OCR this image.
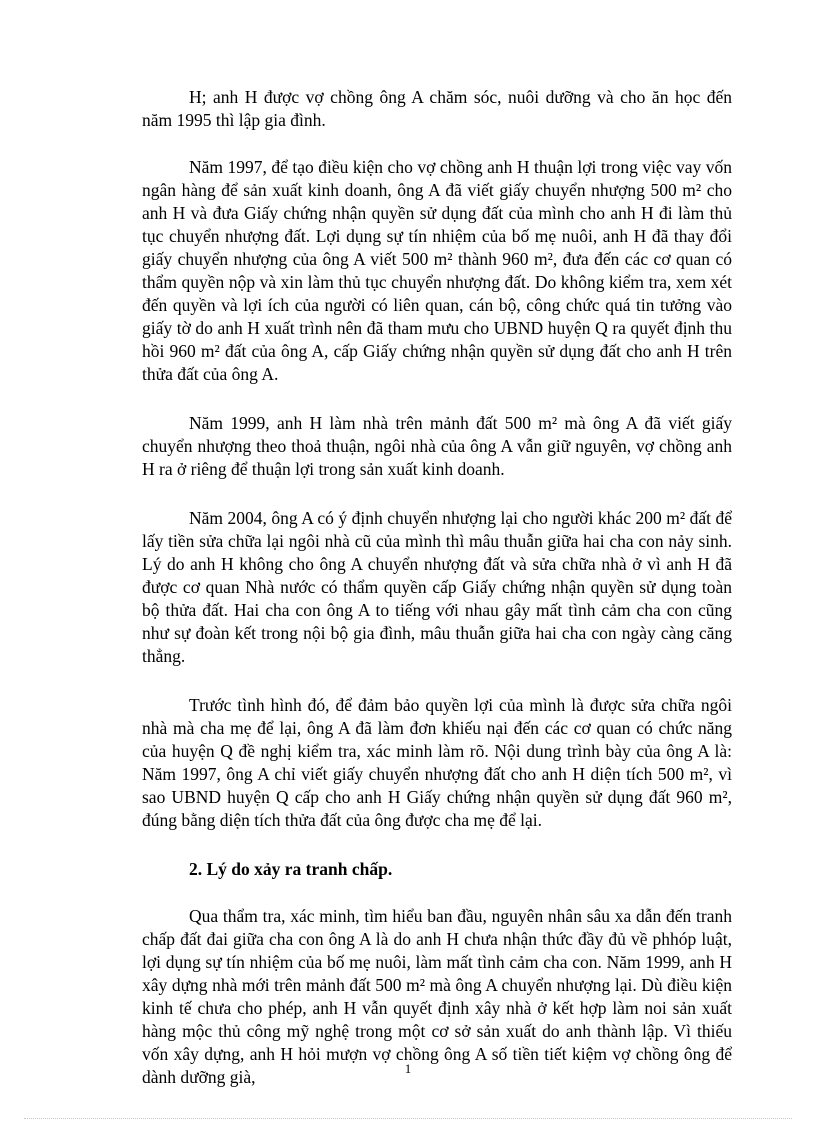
H; anh H được vợ chồng ông A chăm sóc, nuôi dưỡng và cho ăn học đến năm 1995 thì lập gia đình.

Năm 1997, để tạo điều kiện cho vợ chồng anh H thuận lợi trong việc vay vốn ngân hàng để sản xuất kinh doanh, ông A đã viết giấy chuyển nhượng 500 m² cho anh H và đưa Giấy chứng nhận quyền sử dụng đất của mình cho anh H đi làm thủ tục chuyển nhượng đất. Lợi dụng sự tín nhiệm của bố mẹ nuôi, anh H đã thay đổi giấy chuyển nhượng của ông A viết 500 m² thành 960 m², đưa đến các cơ quan có thẩm quyền nộp và xin làm thủ tục chuyển nhượng đất. Do không kiểm tra, xem xét đến quyền và lợi ích của người có liên quan, cán bộ, công chức quá tin tưởng vào giấy tờ do anh H xuất trình nên đã tham mưu cho UBND huyện Q ra quyết định thu hồi 960 m² đất của ông A, cấp Giấy chứng nhận quyền sử dụng đất cho anh H trên thửa đất của ông A.

Năm 1999, anh H làm nhà trên mảnh đất 500 m² mà ông A đã viết giấy chuyển nhượng theo thoả thuận, ngôi nhà của ông A vẫn giữ nguyên, vợ chồng anh H ra ở riêng để thuận lợi trong sản xuất kinh doanh.

Năm 2004, ông A có ý định chuyển nhượng lại cho người khác 200 m² đất để lấy tiền sửa chữa lại ngôi nhà cũ của mình thì mâu thuẫn giữa hai cha con nảy sinh. Lý do anh H không cho ông A chuyển nhượng đất và sửa chữa nhà ở vì anh H đã được cơ quan Nhà nước có thẩm quyền cấp Giấy chứng nhận quyền sử dụng toàn bộ thửa đất. Hai cha con ông A to tiếng với nhau gây mất tình cảm cha con cũng như sự đoàn kết trong nội bộ gia đình, mâu thuẫn giữa hai cha con ngày càng căng thẳng.

Trước tình hình đó, để đảm bảo quyền lợi của mình là được sửa chữa ngôi nhà mà cha mẹ để lại, ông A đã làm đơn khiếu nại đến các cơ quan có chức năng của huyện Q đề nghị kiểm tra, xác minh làm rõ. Nội dung trình bày của ông A là: Năm 1997, ông A chỉ viết giấy chuyển nhượng đất cho anh H diện tích 500 m², vì sao UBND huyện Q cấp cho anh H Giấy chứng nhận quyền sử dụng đất 960 m², đúng bằng diện tích thửa đất của ông được cha mẹ để lại.

2. Lý do xảy ra tranh chấp.

Qua thẩm tra, xác minh, tìm hiểu ban đầu, nguyên nhân sâu xa dẫn đến tranh chấp đất đai giữa cha con ông A là do anh H chưa nhận thức đầy đủ về phhóp luật, lợi dụng sự tín nhiệm của bố mẹ nuôi, làm mất tình cảm cha con. Năm 1999, anh H xây dựng nhà mới trên mảnh đất 500 m² mà ông A chuyển nhượng lại. Dù điều kiện kinh tế chưa cho phép, anh H vẫn quyết định xây nhà ở kết hợp làm noi sản xuất hàng mộc thủ công mỹ nghệ trong một cơ sở sản xuất do anh thành lập. Vì thiếu vốn xây dựng, anh H hỏi mượn vợ chồng ông A số tiền tiết kiệm vợ chồng ông để dành dưỡng già,	1
